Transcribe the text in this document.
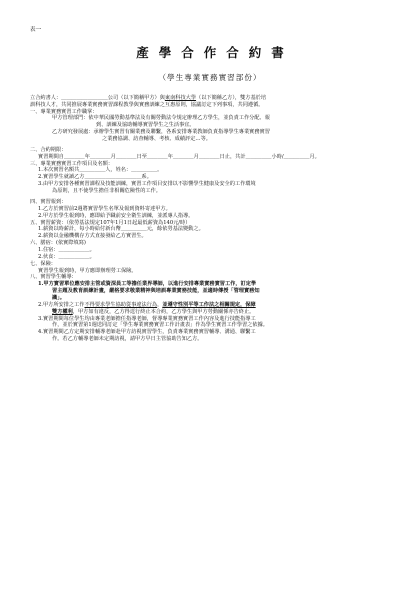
表一
產學合作合約書
（學生專業實務實習部份）
立合約書人：＿＿＿＿＿＿＿＿＿公司（以下簡稱甲方）與東南科技大學（以下簡稱乙方），雙方基於培
訓科技人才，共同推展專業實務實習課程教學與實務訓練之互惠原則，協議訂定下列事項，共同遵循。
一、專業實務實習工作職掌：
甲方管理部門：依中華民國勞動基準法及有關勞動法令規定辦理乙方學生，並負責工作分配、報
到、訓練及協助輔導實習學生之生活事宜。
乙方研究發展處：承辦學生實習有關業務及聯繫，各系安排專業教師負責指導學生專業實務實習
之業務協調、訪查輔導、考核、成績評定…等。
二、合約期限：
實習期間自＿＿＿＿年＿＿＿＿月＿＿＿＿日至＿＿＿＿年＿＿＿＿月＿＿＿＿日止，共計＿＿＿＿＿小時/＿＿＿＿＿月。
三、專業實務實習工作項目及名額：
1.本次實習名額共＿＿＿＿＿人，姓名：＿＿＿＿＿。
2.實習學生就讀乙方＿＿＿＿＿＿＿＿＿＿＿系。
3.由甲方安排各種實習課程及技能訓練，實習工作項目安排以不影響學生健康及安全的工作環境
為原則，且不使學生擔任非相關危險性的工作。
四、實習報到：
1.乙方於實習前2週將實習學生名單及報到資料寄達甲方。
2.甲方於學生報到時，應即給予職前安全衛生訓練，並派專人指導。
五、實習薪資：（依勞基法規定107年1月1日起最低薪資為140元/時）
1.薪資以時薪計，每小時給付新台幣＿＿＿＿＿元，餘依勞基法變動之。
2.薪資以金融機構存方式直接發給乙方實習生。
六、膳宿：(依實際填寫)
1.住宿：＿＿＿＿＿＿。
2.伙食：＿＿＿＿＿＿。
七、保險：
實習學生報到時，甲方應即辦理勞工保險。
八、實習學生輔導：
1.甲方實習單位應安排主管或資深員工等擔任業界導師，以進行安排專業實務實習工作，訂定學
習主題及教育訓練計畫，嚴格要求敬業精神與培訓專業實務技能，並適時傳授「管理實務知
識」。
2.甲方所安排之工作不得要求學生協助從事違法行為，並遵守性別平等工作法之相關規定，保障
雙方權利，甲方如有違反，乙方得逕行終止本合約，乙方學生與甲方勞動關係亦告終止。
3.實習期間每位學生均由專業老師擔任指導老師，督導專業實務實習工作內容及進行技能指導工
作，並於實習第1週送同訂定「學生專業實務實習工作計畫表」作為學生實習工作學習之依據。
4.實習期間乙方定期安排輔導老師赴甲方訪視實習學生，負責專業實務實習輔導、溝通、聯繫工
作。若乙方輔導老師未定期訪視，請甲方早日主管協助告知乙方。
